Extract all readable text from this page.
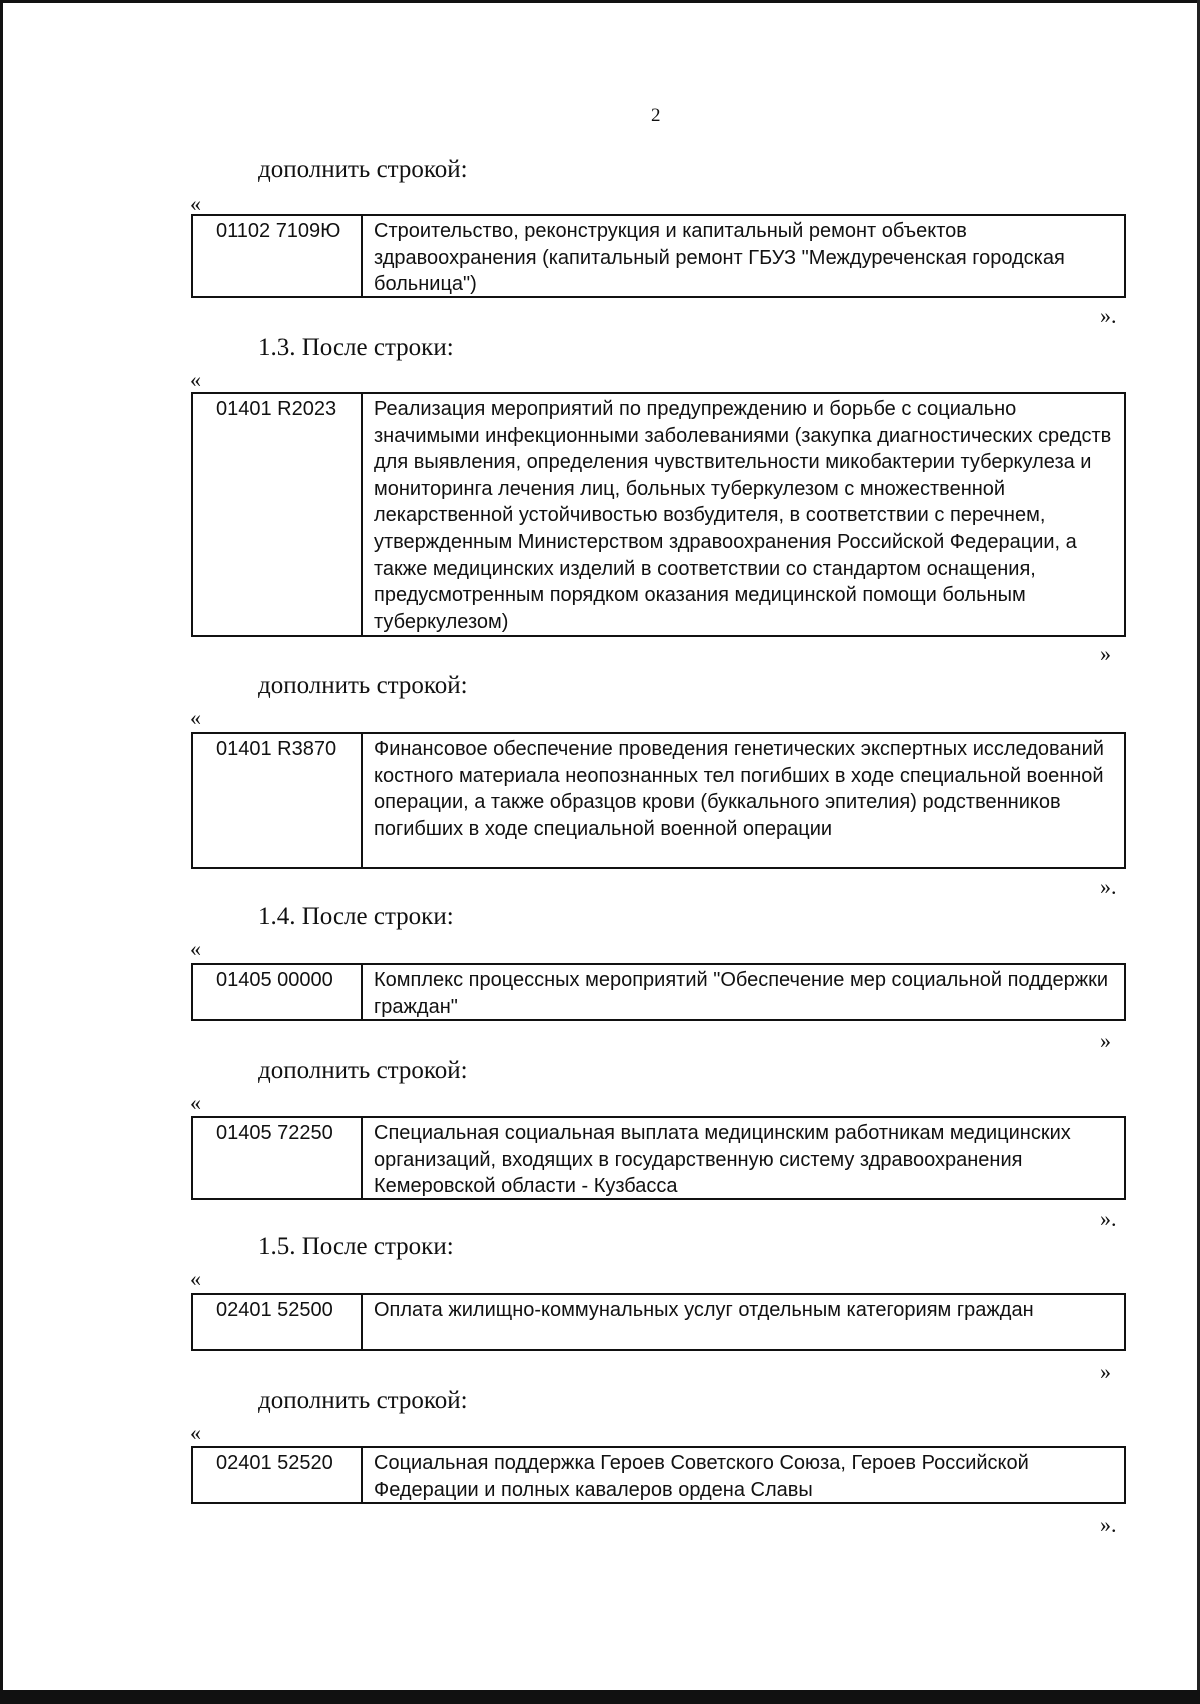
2
дополнить строкой:
«
01102 7109Ю	Строительство, реконструкция и капитальный ремонт объектов здравоохранения (капитальный ремонт ГБУЗ "Междуреченская городская больница")
».
1.3. После строки:
«
01401 R2023	Реализация мероприятий по предупреждению и борьбе с социально значимыми инфекционными заболеваниями (закупка диагностических средств для выявления, определения чувствительности микобактерии туберкулеза и мониторинга лечения лиц, больных туберкулезом с множественной лекарственной устойчивостью возбудителя, в соответствии с перечнем, утвержденным Министерством здравоохранения Российской Федерации, а также медицинских изделий в соответствии со стандартом оснащения, предусмотренным порядком оказания медицинской помощи больным туберкулезом)
»
дополнить строкой:
«
01401 R3870	Финансовое обеспечение проведения генетических экспертных исследований костного материала неопознанных тел погибших в ходе специальной военной операции, а также образцов крови (буккального эпителия) родственников погибших в ходе специальной военной операции
».
1.4. После строки:
«
01405 00000	Комплекс процессных мероприятий "Обеспечение мер социальной поддержки граждан"
»
дополнить строкой:
«
01405 72250	Специальная социальная выплата медицинским работникам медицинских организаций, входящих в государственную систему здравоохранения Кемеровской области - Кузбасса
».
1.5. После строки:
«
02401 52500	Оплата жилищно-коммунальных услуг отдельным категориям граждан
»
дополнить строкой:
«
02401 52520	Социальная поддержка Героев Советского Союза, Героев Российской Федерации и полных кавалеров ордена Славы
».
